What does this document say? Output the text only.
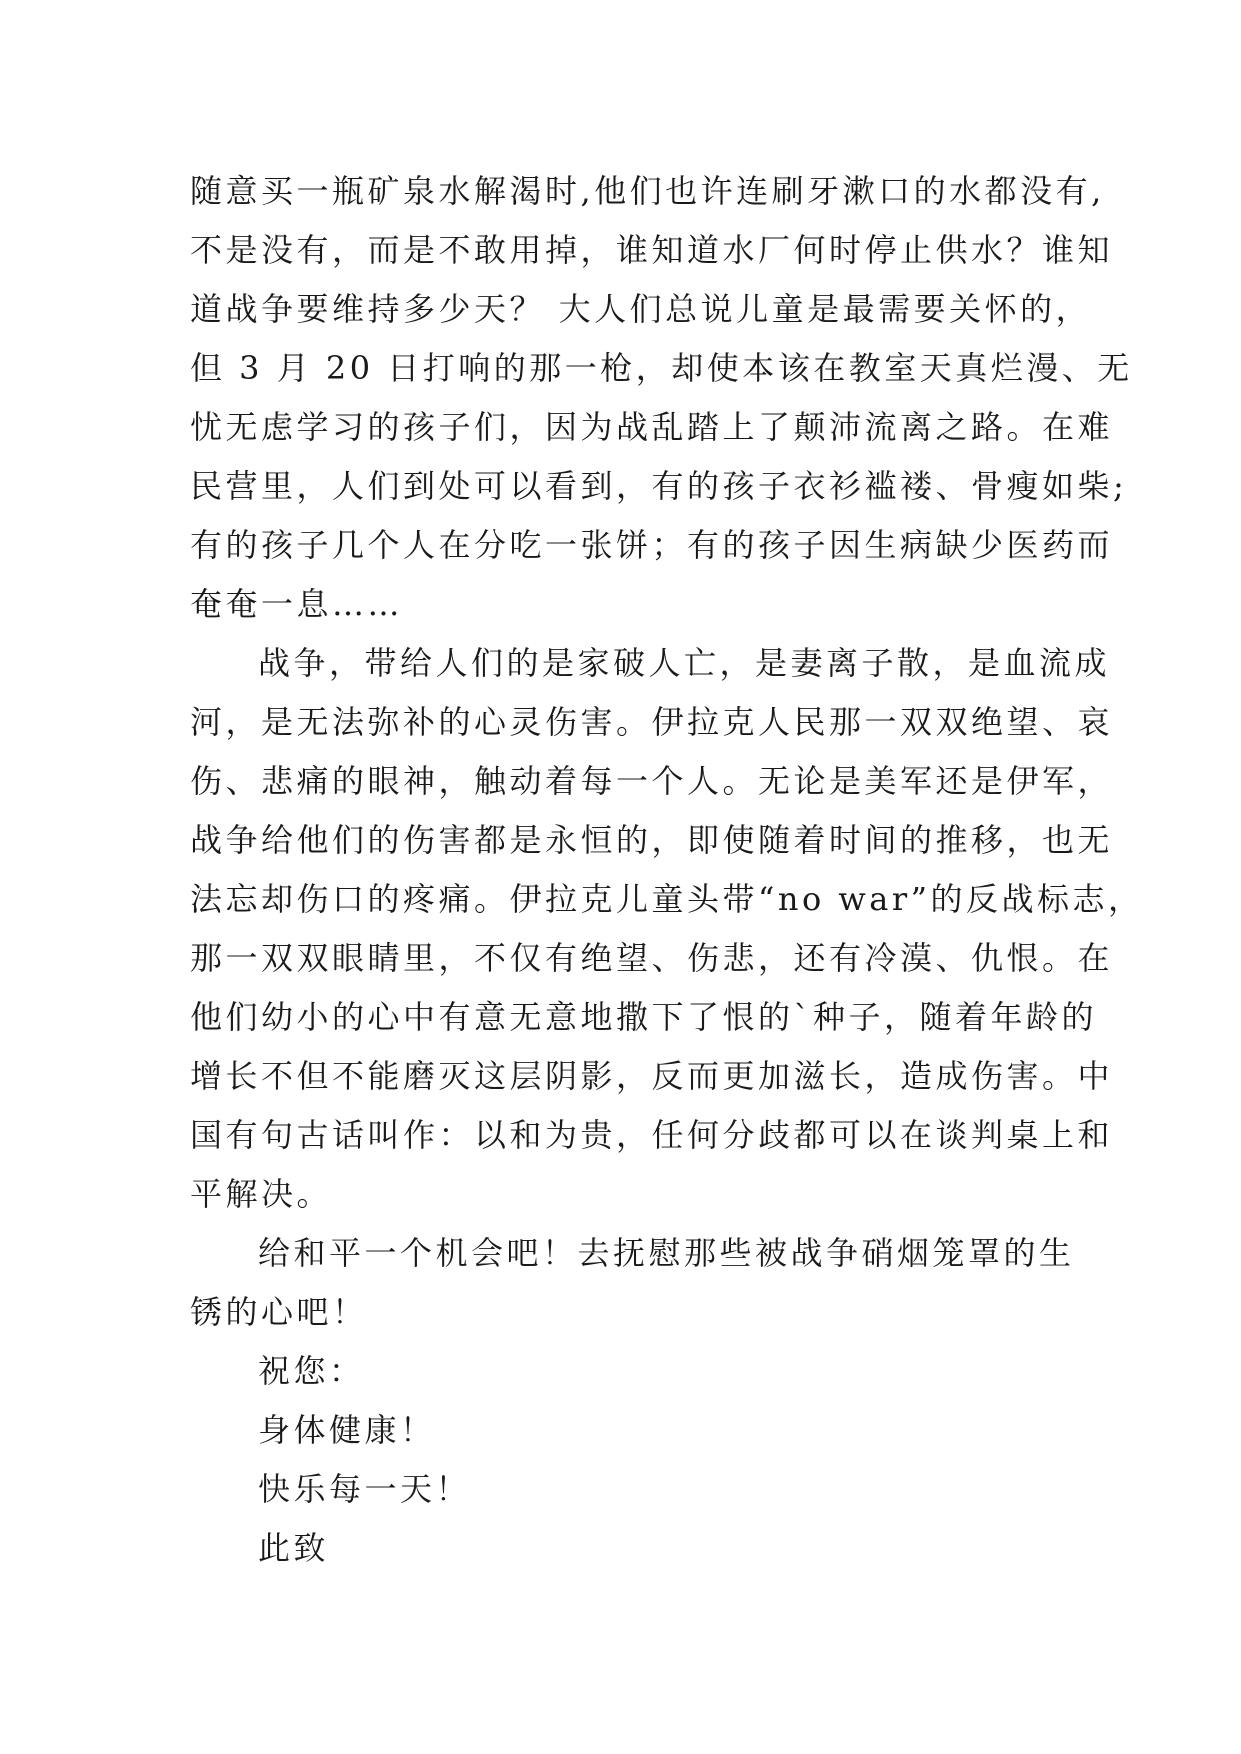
随意买一瓶矿泉水解渴时,他们也许连刷牙漱口的水都没有,
不是没有，而是不敢用掉，谁知道水厂何时停止供水？谁知
道战争要维持多少天？ 大人们总说儿童是最需要关怀的，
但 3 月 20 日打响的那一枪，却使本该在教室天真烂漫、无
忧无虑学习的孩子们，因为战乱踏上了颠沛流离之路。在难
民营里，人们到处可以看到，有的孩子衣衫褴褛、骨瘦如柴;
有的孩子几个人在分吃一张饼；有的孩子因生病缺少医药而
奄奄一息……
战争，带给人们的是家破人亡，是妻离子散，是血流成
河，是无法弥补的心灵伤害。伊拉克人民那一双双绝望、哀
伤、悲痛的眼神，触动着每一个人。无论是美军还是伊军，
战争给他们的伤害都是永恒的，即使随着时间的推移，也无
法忘却伤口的疼痛。伊拉克儿童头带“no war”的反战标志，
那一双双眼睛里，不仅有绝望、伤悲，还有冷漠、仇恨。在
他们幼小的心中有意无意地撒下了恨的`种子，随着年龄的
增长不但不能磨灭这层阴影，反而更加滋长，造成伤害。中
国有句古话叫作：以和为贵，任何分歧都可以在谈判桌上和
平解决。
给和平一个机会吧！去抚慰那些被战争硝烟笼罩的生
锈的心吧！
祝您：
身体健康！
快乐每一天！
此致
